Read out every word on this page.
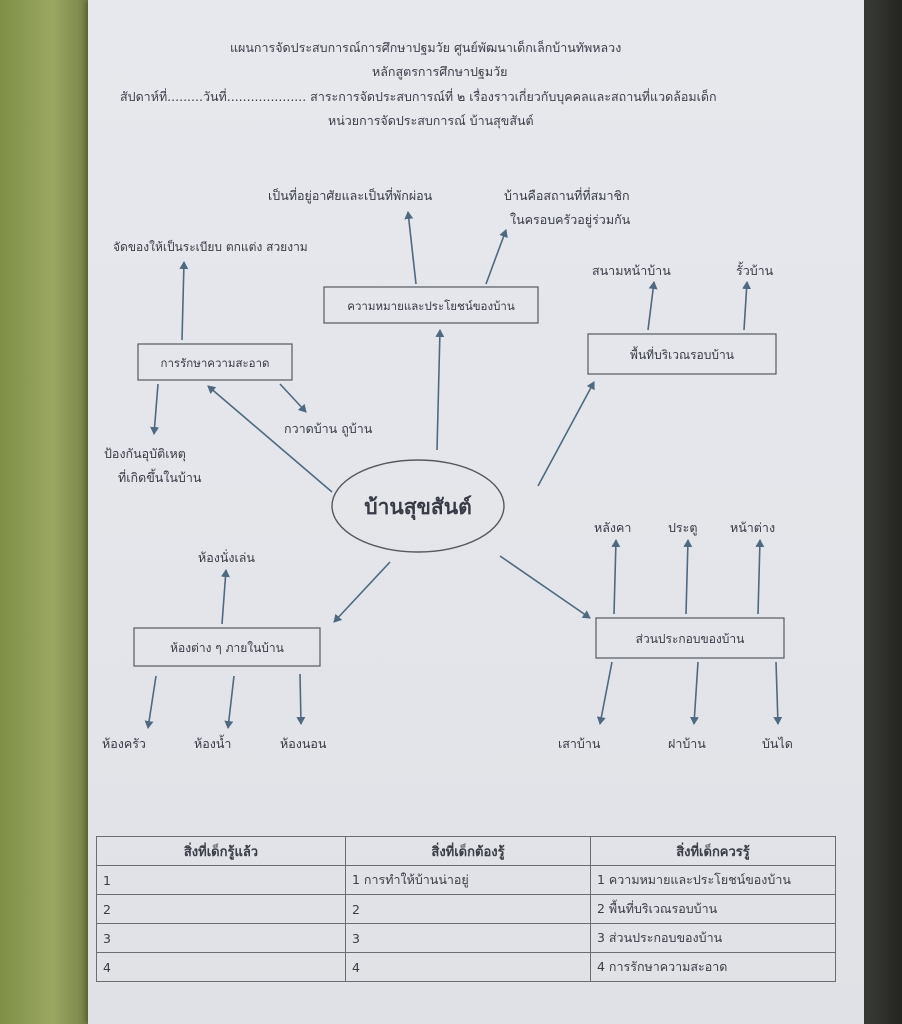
แผนการจัดประสบการณ์การศึกษาปฐมวัย ศูนย์พัฒนาเด็กเล็กบ้านทัพหลวง
หลักสูตรการศึกษาปฐมวัย
สัปดาห์ที่.........วันที่.................... สาระการจัดประสบการณ์ที่ ๒ เรื่องราวเกี่ยวกับบุคคลและสถานที่แวดล้อมเด็ก
หน่วยการจัดประสบการณ์ บ้านสุขสันต์
บ้านสุขสันต์
ความหมายและประโยชน์ของบ้าน
เป็นที่อยู่อาศัยและเป็นที่พักผ่อน	บ้านคือสถานที่ที่สมาชิก
ในครอบครัวอยู่ร่วมกัน
การรักษาความสะอาด
จัดของให้เป็นระเบียบ ตกแต่ง สวยงาม
กวาดบ้าน ถูบ้าน
ป้องกันอุบัติเหตุ
ที่เกิดขึ้นในบ้าน
พื้นที่บริเวณรอบบ้าน
สนามหน้าบ้าน	รั้วบ้าน
ห้องต่าง ๆ ภายในบ้าน
ห้องนั่งเล่น
ห้องครัว	ห้องน้ำ	ห้องนอน
ส่วนประกอบของบ้าน
หลังคา	ประตู	หน้าต่าง
เสาบ้าน	ฝาบ้าน	บันได
สิ่งที่เด็กรู้แล้ว	สิ่งที่เด็กต้องรู้	สิ่งที่เด็กควรรู้
1	1 การทำให้บ้านน่าอยู่	1 ความหมายและประโยชน์ของบ้าน
2	2	2 พื้นที่บริเวณรอบบ้าน
3	3	3 ส่วนประกอบของบ้าน
4	4	4 การรักษาความสะอาด
